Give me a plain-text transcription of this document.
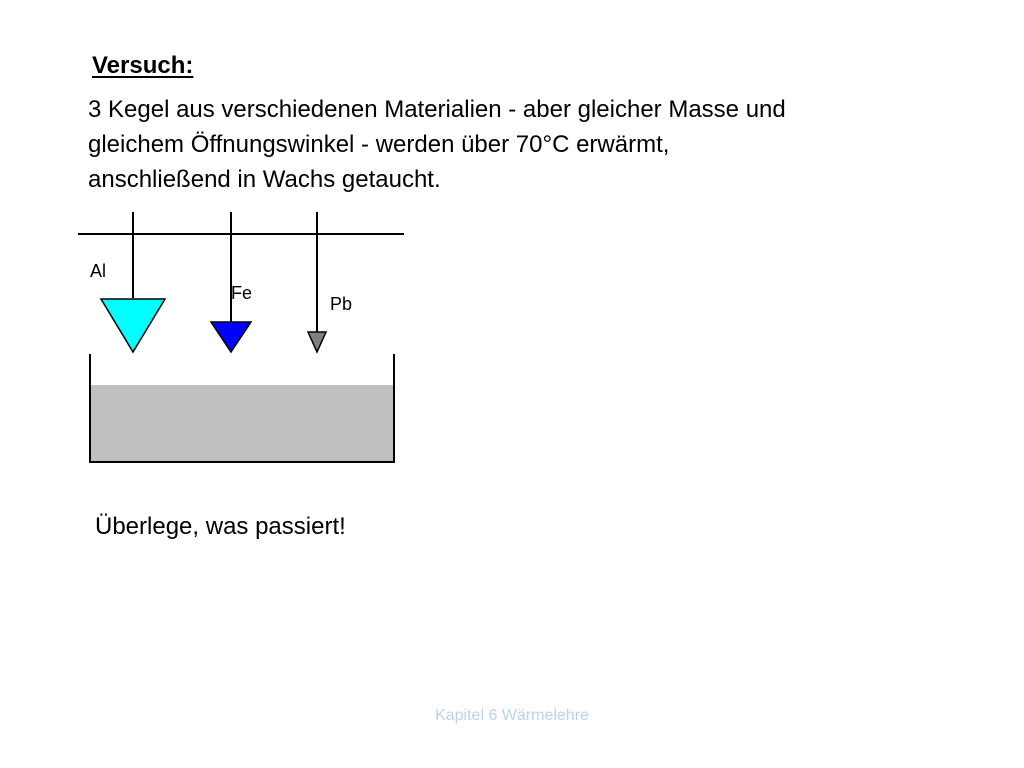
Versuch:
3 Kegel aus verschiedenen Materialien - aber gleicher Masse und
gleichem Öffnungswinkel - werden über 70°C erwärmt,
anschließend in Wachs getaucht.
Al
Fe
Pb
Überlege, was passiert!
Kapitel 6 Wärmelehre
